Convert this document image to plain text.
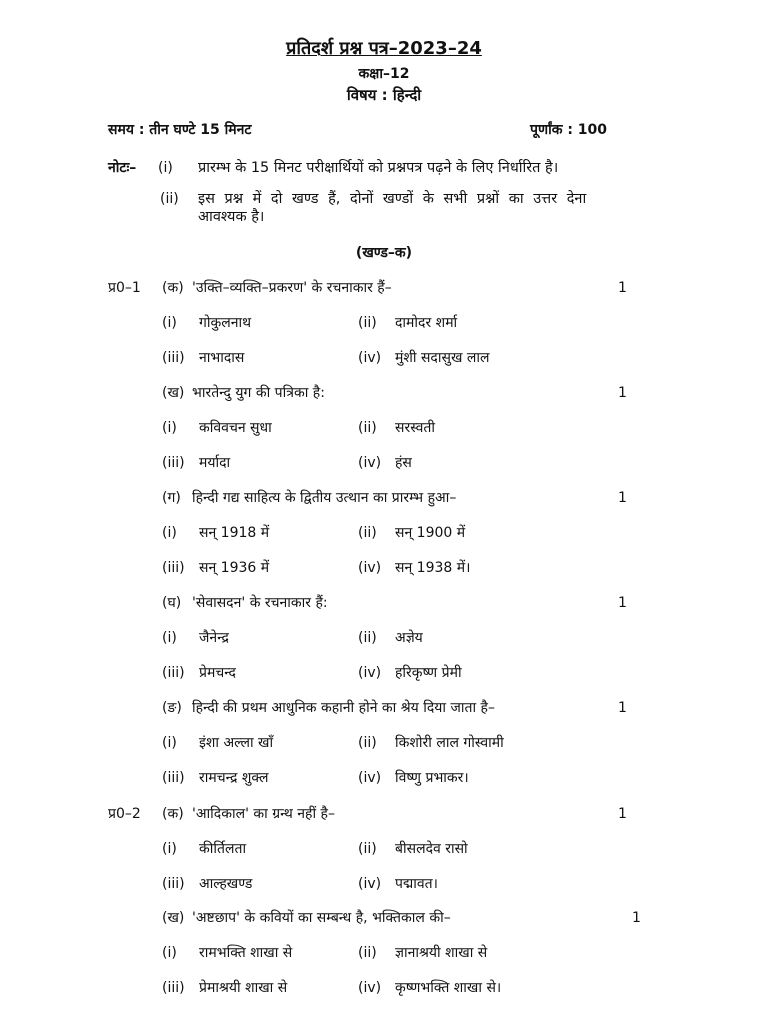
प्रतिदर्श प्रश्न पत्र–2023–24
कक्षा–12
विषय : हिन्दी
समय : तीन घण्टे 15 मिनट	पूर्णांक : 100
नोटः– (i) प्रारम्भ के 15 मिनट परीक्षार्थियों को प्रश्नपत्र पढ़ने के लिए निर्धारित है।
(ii) इस प्रश्न में दो खण्ड हैं, दोनों खण्डों के सभी प्रश्नों का उत्तर देना
आवश्यक है।
(खण्ड–क)
प्र0–1 (क) 'उक्ति–व्यक्ति–प्रकरण' के रचनाकार हैं–	1
(i) गोकुलनाथ	(ii) दामोदर शर्मा
(iii) नाभादास	(iv) मुंशी सदासुख लाल
(ख) भारतेन्दु युग की पत्रिका है:	1
(i) कविवचन सुधा	(ii) सरस्वती
(iii) मर्यादा	(iv) हंस
(ग) हिन्दी गद्य साहित्य के द्वितीय उत्थान का प्रारम्भ हुआ–	1
(i) सन् 1918 में	(ii) सन् 1900 में
(iii) सन् 1936 में	(iv) सन् 1938 में।
(घ) 'सेवासदन' के रचनाकार हैं:	1
(i) जैनेन्द्र	(ii) अज्ञेय
(iii) प्रेमचन्द	(iv) हरिकृष्ण प्रेमी
(ङ) हिन्दी की प्रथम आधुनिक कहानी होने का श्रेय दिया जाता है–	1
(i) इंशा अल्ला खाँ	(ii) किशोरी लाल गोस्वामी
(iii) रामचन्द्र शुक्ल	(iv) विष्णु प्रभाकर।
प्र0–2 (क) 'आदिकाल' का ग्रन्थ नहीं है–	1
(i) कीर्तिलता	(ii) बीसलदेव रासो
(iii) आल्हखण्ड	(iv) पद्मावत।
(ख) 'अष्टछाप' के कवियों का सम्बन्ध है, भक्तिकाल की–	1
(i) रामभक्ति शाखा से	(ii) ज्ञानाश्रयी शाखा से
(iii) प्रेमाश्रयी शाखा से	(iv) कृष्णभक्ति शाखा से।
